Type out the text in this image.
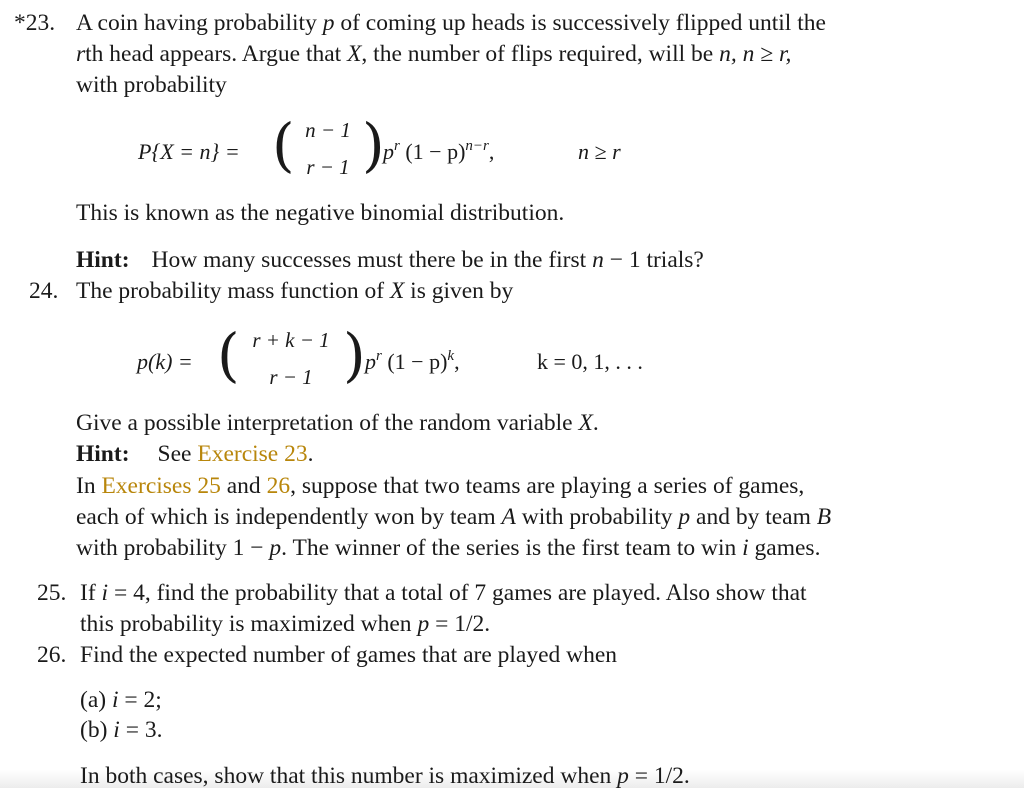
*23. A coin having probability p of coming up heads is successively flipped until the
rth head appears. Argue that X, the number of flips required, will be n, n ≥ r,
with probability
P{X = n} = ( n − 1
r − 1 )
$p^r$ $(1 - p)^{n-r}$,	n ≥ r
This is known as the negative binomial distribution.
Hint: How many successes must there be in the first n − 1 trials?
24. The probability mass function of X is given by
p(k) = ( r + k − 1
r − 1 ) $p^r$ $(1 - p)^k$,	k = 0, 1, . . .
Give a possible interpretation of the random variable X.
Hint: See Exercise 23.
In Exercises 25 and 26, suppose that two teams are playing a series of games,
each of which is independently won by team A with probability p and by team B
with probability 1 − p. The winner of the series is the first team to win i games.
25. If i = 4, find the probability that a total of 7 games are played. Also show that
this probability is maximized when p = 1/2.
26. Find the expected number of games that are played when
(a) i = 2;
(b) i = 3.
In both cases, show that this number is maximized when p = 1/2.
